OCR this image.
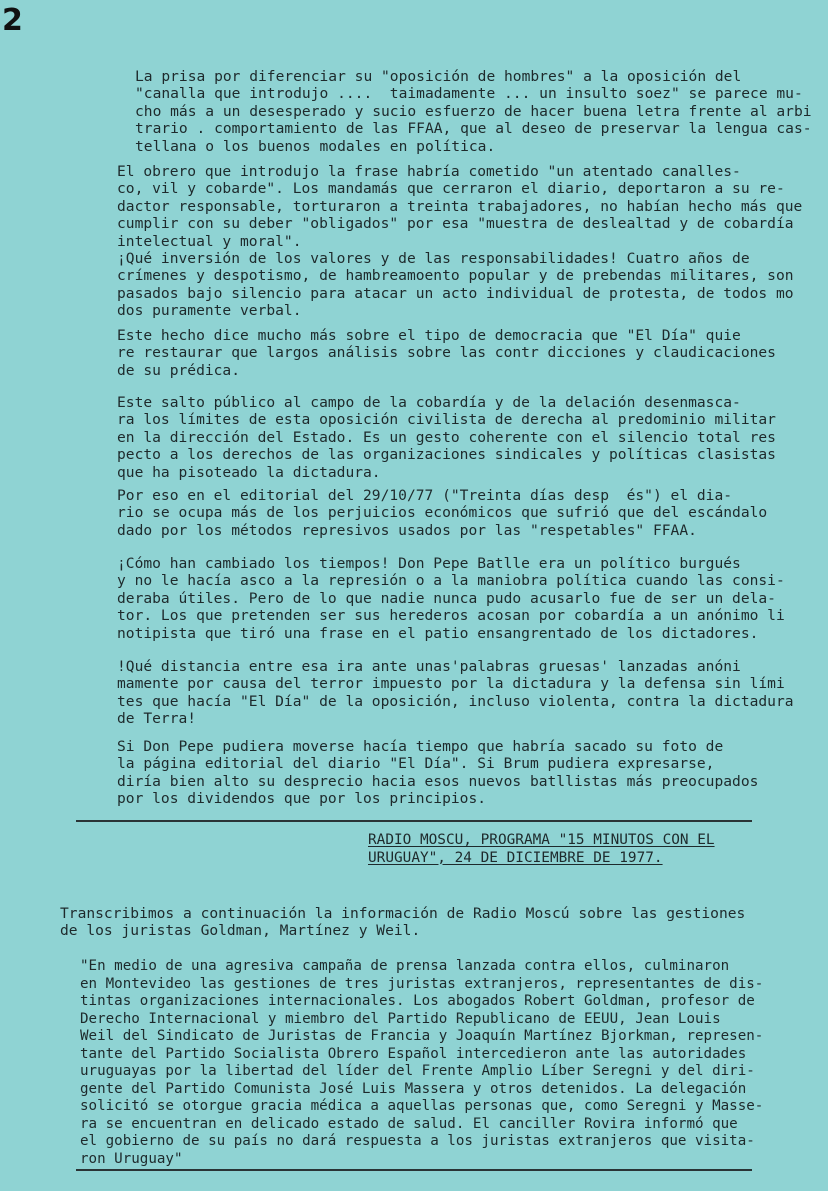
2

La prisa por diferenciar su "oposición de hombres" a la oposición del
"canalla que introdujo ....  taimadamente ... un insulto soez" se parece mu-
cho más a un desesperado y sucio esfuerzo de hacer buena letra frente al arbi
trario . comportamiento de las FFAA, que al deseo de preservar la lengua cas-
tellana o los buenos modales en política.

El obrero que introdujo la frase habría cometido "un atentado canalles-
co, vil y cobarde". Los mandamás que cerraron el diario, deportaron a su re-
dactor responsable, torturaron a treinta trabajadores, no habían hecho más que
cumplir con su deber "obligados" por esa "muestra de deslealtad y de cobardía
intelectual y moral".

¡Qué inversión de los valores y de las responsabilidades! Cuatro años de
crímenes y despotismo, de hambreamoento popular y de prebendas militares, son
pasados bajo silencio para atacar un acto individual de protesta, de todos mo
dos puramente verbal.

Este hecho dice mucho más sobre el tipo de democracia que "El Día" quie
re restaurar que largos análisis sobre las contr dicciones y claudicaciones
de su prédica.

Este salto público al campo de la cobardía y de la delación desenmasca-
ra los límites de esta oposición civilista de derecha al predominio militar
en la dirección del Estado. Es un gesto coherente con el silencio total res
pecto a los derechos de las organizaciones sindicales y políticas clasistas
que ha pisoteado la dictadura.

Por eso en el editorial del 29/10/77 ("Treinta días desp  és") el dia-
rio se ocupa más de los perjuicios económicos que sufrió que del escándalo
dado por los métodos represivos usados por las "respetables" FFAA.

¡Cómo han cambiado los tiempos! Don Pepe Batlle era un político burgués
y no le hacía asco a la represión o a la maniobra política cuando las consi-
deraba útiles. Pero de lo que nadie nunca pudo acusarlo fue de ser un dela-
tor. Los que pretenden ser sus herederos acosan por cobardía a un anónimo li
notipista que tiró una frase en el patio ensangrentado de los dictadores.

!Qué distancia entre esa ira ante unas'palabras gruesas' lanzadas anóni
mamente por causa del terror impuesto por la dictadura y la defensa sin lími
tes que hacía "El Día" de la oposición, incluso violenta, contra la dictadura
de Terra!

Si Don Pepe pudiera moverse hacía tiempo que habría sacado su foto de
la página editorial del diario "El Día". Si Brum pudiera expresarse,
diría bien alto su desprecio hacia esos nuevos batllistas más preocupados
por los dividendos que por los principios.

RADIO MOSCU, PROGRAMA "15 MINUTOS CON EL
URUGUAY", 24 DE DICIEMBRE DE 1977.

Transcribimos a continuación la información de Radio Moscú sobre las gestiones
de los juristas Goldman, Martínez y Weil.

"En medio de una agresiva campaña de prensa lanzada contra ellos, culminaron
en Montevideo las gestiones de tres juristas extranjeros, representantes de dis-
tintas organizaciones internacionales. Los abogados Robert Goldman, profesor de
Derecho Internacional y miembro del Partido Republicano de EEUU, Jean Louis
Weil del Sindicato de Juristas de Francia y Joaquín Martínez Bjorkman, represen-
tante del Partido Socialista Obrero Español intercedieron ante las autoridades
uruguayas por la libertad del líder del Frente Amplio Líber Seregni y del diri-
gente del Partido Comunista José Luis Massera y otros detenidos. La delegación
solicitó se otorgue gracia médica a aquellas personas que, como Seregni y Masse-
ra se encuentran en delicado estado de salud. El canciller Rovira informó que
el gobierno de su país no dará respuesta a los juristas extranjeros que visita-
ron Uruguay"
